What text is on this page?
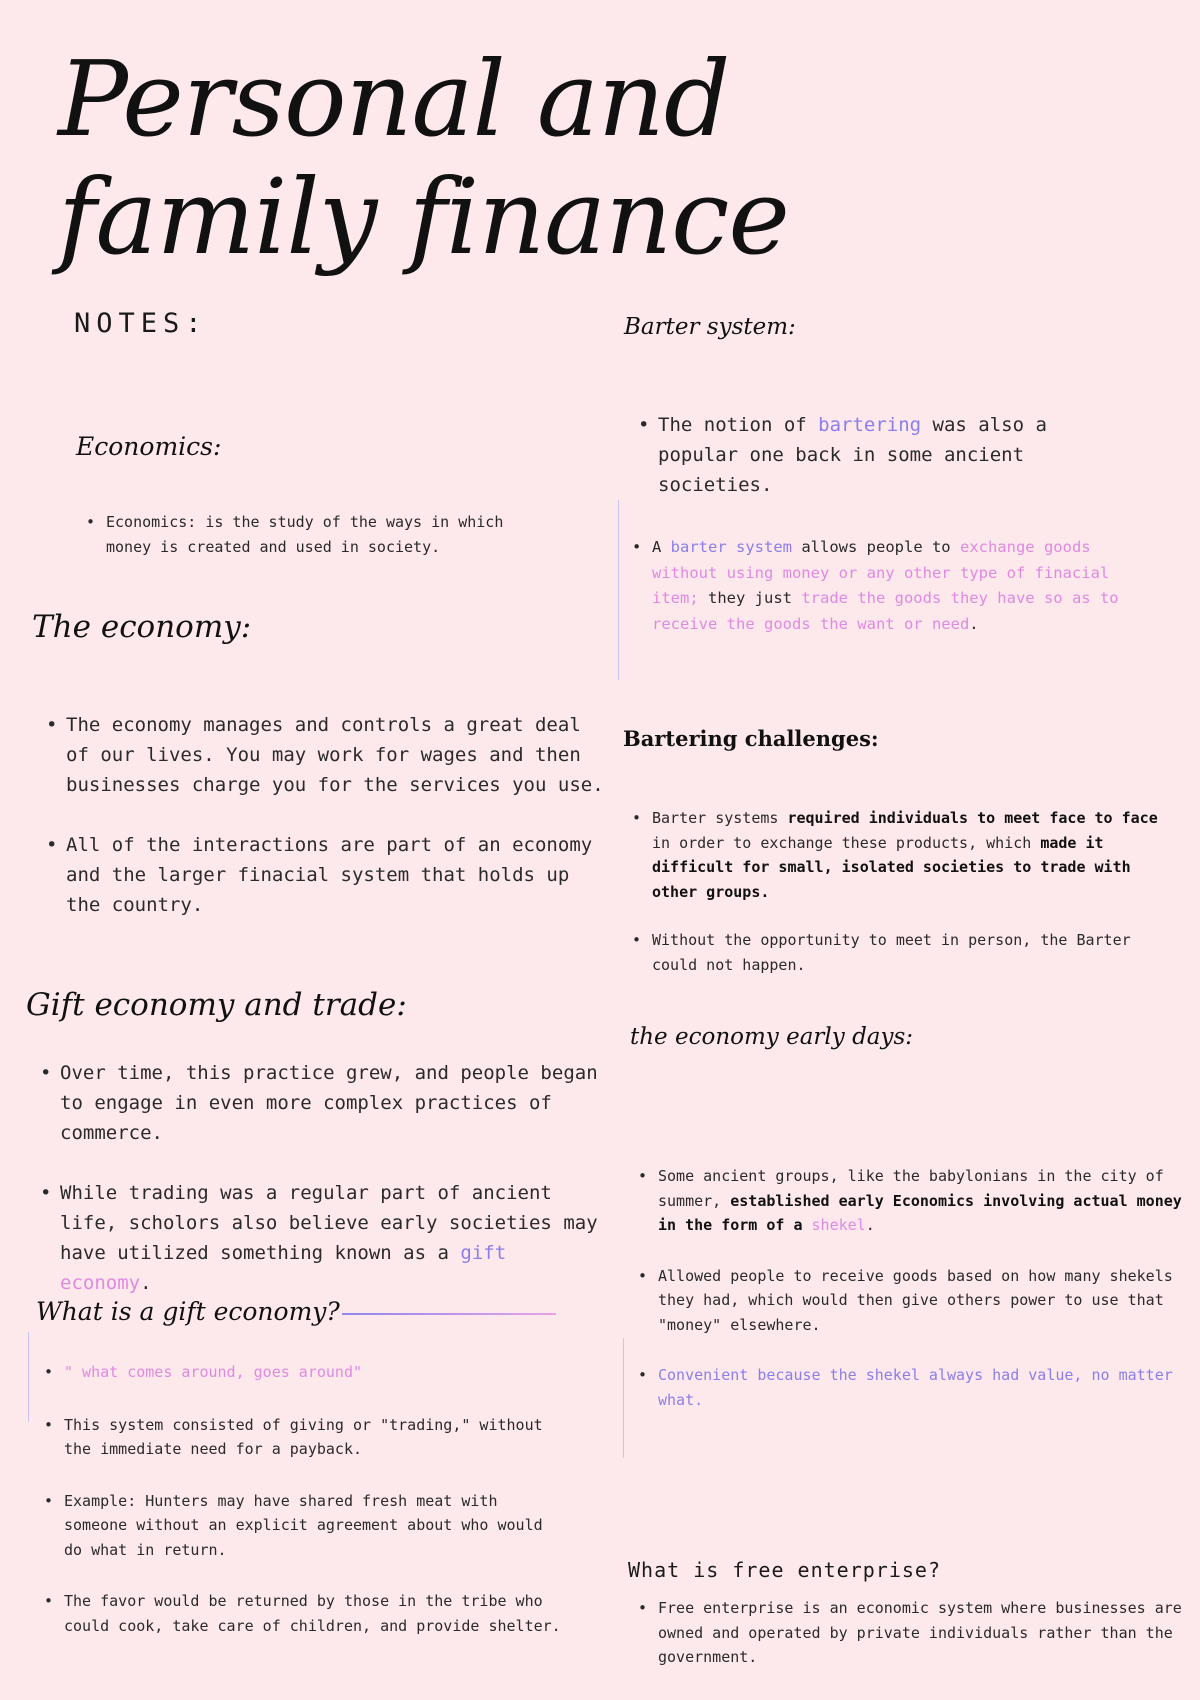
Personal and family finance
NOTES:
Economics:
• Economics: is the study of the ways in which money is created and used in society.
The economy:
• The economy manages and controls a great deal of our lives. You may work for wages and then businesses charge you for the services you use.
• All of the interactions are part of an economy and the larger finacial system that holds up the country.
Gift economy and trade:
• Over time, this practice grew, and people began to engage in even more complex practices of commerce.
• While trading was a regular part of ancient life, scholors also believe early societies may have utilized something known as a gift economy.
What is a gift economy?
• " what comes around, goes around"
• This system consisted of giving or "trading," without the immediate need for a payback.
• Example: Hunters may have shared fresh meat with someone without an explicit agreement about who would do what in return.
• The favor would be returned by those in the tribe who could cook, take care of children, and provide shelter.
Barter system:
• The notion of bartering was also a popular one back in some ancient societies.
• A barter system allows people to exchange goods without using money or any other type of finacial item; they just trade the goods they have so as to receive the goods the want or need.
Bartering challenges:
• Barter systems required individuals to meet face to face in order to exchange these products, which made it difficult for small, isolated societies to trade with other groups.
• Without the opportunity to meet in person, the Barter could not happen.
the economy early days:
• Some ancient groups, like the babylonians in the city of summer, established early Economics involving actual money in the form of a shekel.
• Allowed people to receive goods based on how many shekels they had, which would then give others power to use that "money" elsewhere.
• Convenient because the shekel always had value, no matter what.
What is free enterprise?
• Free enterprise is an economic system where businesses are owned and operated by private individuals rather than the government.
